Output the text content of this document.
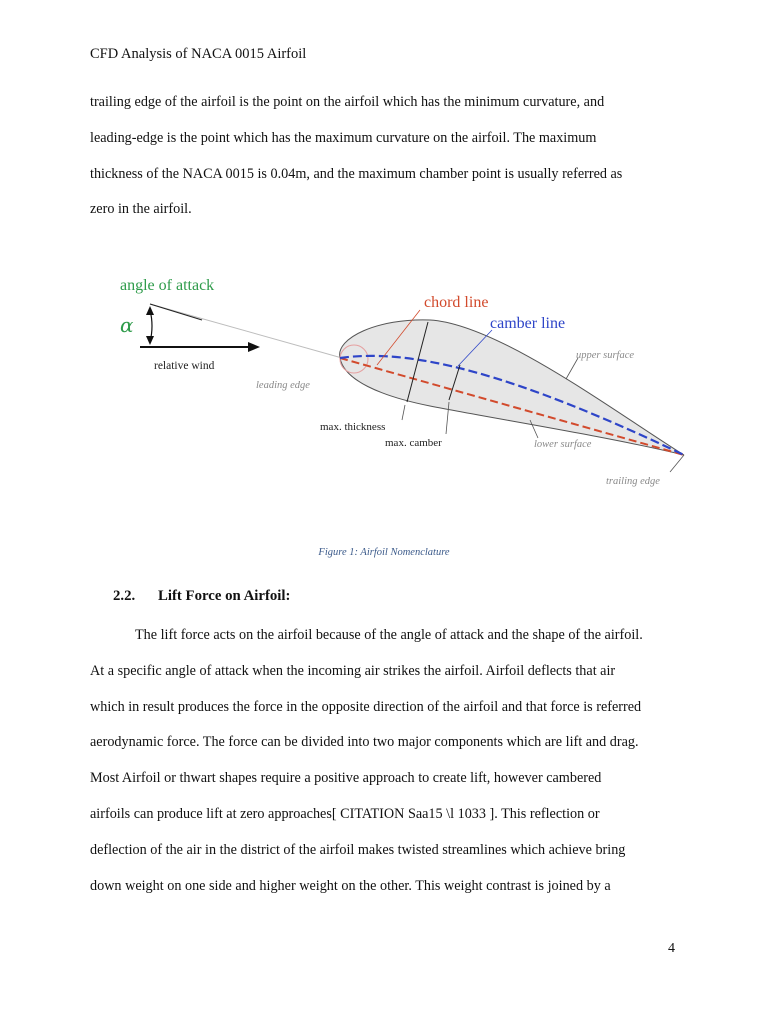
CFD Analysis of NACA 0015 Airfoil

trailing edge of the airfoil is the point on the airfoil which has the minimum curvature, and
leading-edge is the point which has the maximum curvature on the airfoil. The maximum
thickness of the NACA 0015 is 0.04m, and the maximum chamber point is usually referred as
zero in the airfoil.

angle of attack
α
relative wind
chord line
camber line
upper surface
leading edge
max. thickness
max. camber	lower surface
trailing edge
Figure 1: Airfoil Nomenclature
2.2. Lift Force on Airfoil:

The lift force acts on the airfoil because of the angle of attack and the shape of the airfoil.
At a specific angle of attack when the incoming air strikes the airfoil. Airfoil deflects that air
which in result produces the force in the opposite direction of the airfoil and that force is referred
aerodynamic force. The force can be divided into two major components which are lift and drag.
Most Airfoil or thwart shapes require a positive approach to create lift, however cambered
airfoils can produce lift at zero approaches[ CITATION Saa15 \l 1033 ]. This reflection or
deflection of the air in the district of the airfoil makes twisted streamlines which achieve bring
down weight on one side and higher weight on the other. This weight contrast is joined by a

4
